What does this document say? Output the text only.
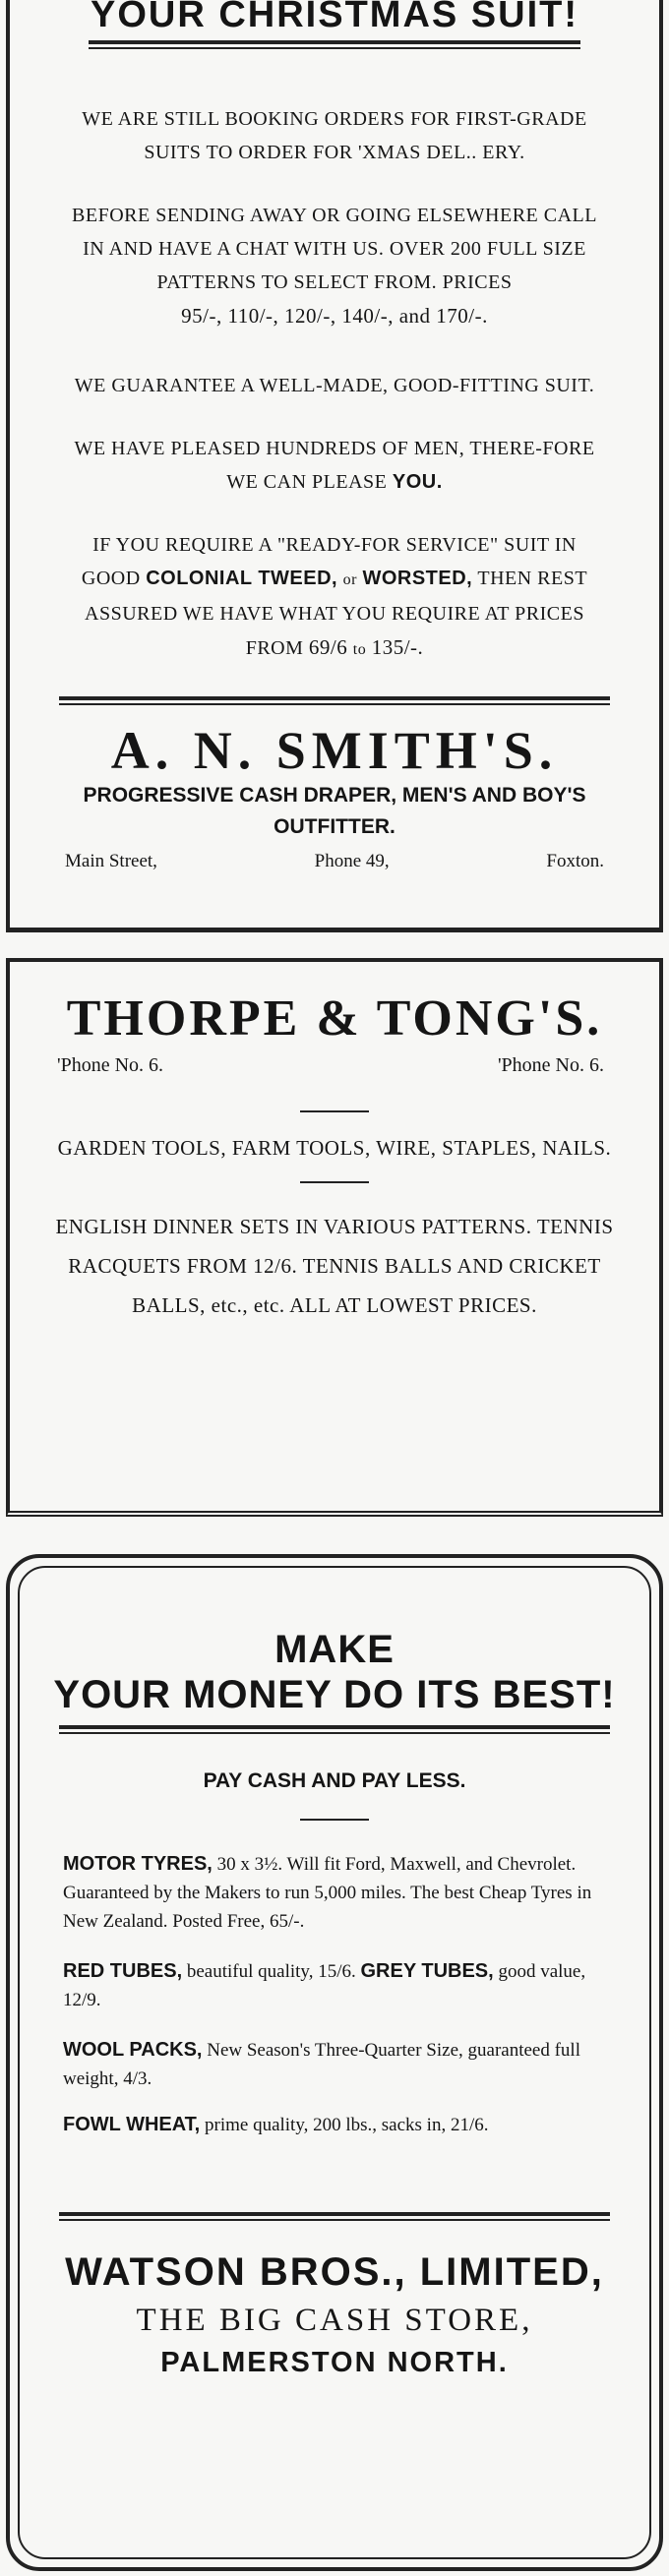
YOUR CHRISTMAS SUIT!
WE ARE STILL BOOKING ORDERS FOR FIRST-GRADE SUITS TO ORDER FOR 'XMAS DEL.. ERY.
BEFORE SENDING AWAY OR GOING ELSEWHERE CALL IN AND HAVE A CHAT WITH US. OVER 200 FULL SIZE PATTERNS TO SELECT FROM. PRICES
95/-, 110/-, 120/-, 140/-, and 170/-.
WE GUARANTEE A WELL-MADE, GOOD-FITTING SUIT.
WE HAVE PLEASED HUNDREDS OF MEN, THERE-FORE WE CAN PLEASE YOU.
IF YOU REQUIRE A "READY-FOR SERVICE" SUIT IN GOOD COLONIAL TWEED, or WORSTED, THEN REST ASSURED WE HAVE WHAT YOU REQUIRE AT PRICES FROM 69/6 to 135/-.
A. N. SMITH'S.
PROGRESSIVE CASH DRAPER, MEN'S AND BOY'S OUTFITTER.
Main Street,	Phone 49,	Foxton.
THORPE & TONG'S.
'Phone No. 6.	'Phone No. 6.
GARDEN TOOLS, FARM TOOLS, WIRE, STAPLES, NAILS.
ENGLISH DINNER SETS IN VARIOUS PATTERNS. TENNIS RACQUETS FROM 12/6. TENNIS BALLS AND CRICKET BALLS, etc., etc. ALL AT LOWEST PRICES.
MAKE
YOUR MONEY DO ITS BEST!
PAY CASH AND PAY LESS.
MOTOR TYRES, 30 x 3½. Will fit Ford, Maxwell, and Chevrolet. Guaranteed by the Makers to run 5,000 miles. The best Cheap Tyres in New Zealand. Posted Free, 65/-.
RED TUBES, beautiful quality, 15/6. GREY TUBES, good value, 12/9.
WOOL PACKS, New Season's Three-Quarter Size, guaranteed full weight, 4/3.
FOWL WHEAT, prime quality, 200 lbs., sacks in, 21/6.
WATSON BROS., LIMITED,
THE BIG CASH STORE,
PALMERSTON NORTH.
